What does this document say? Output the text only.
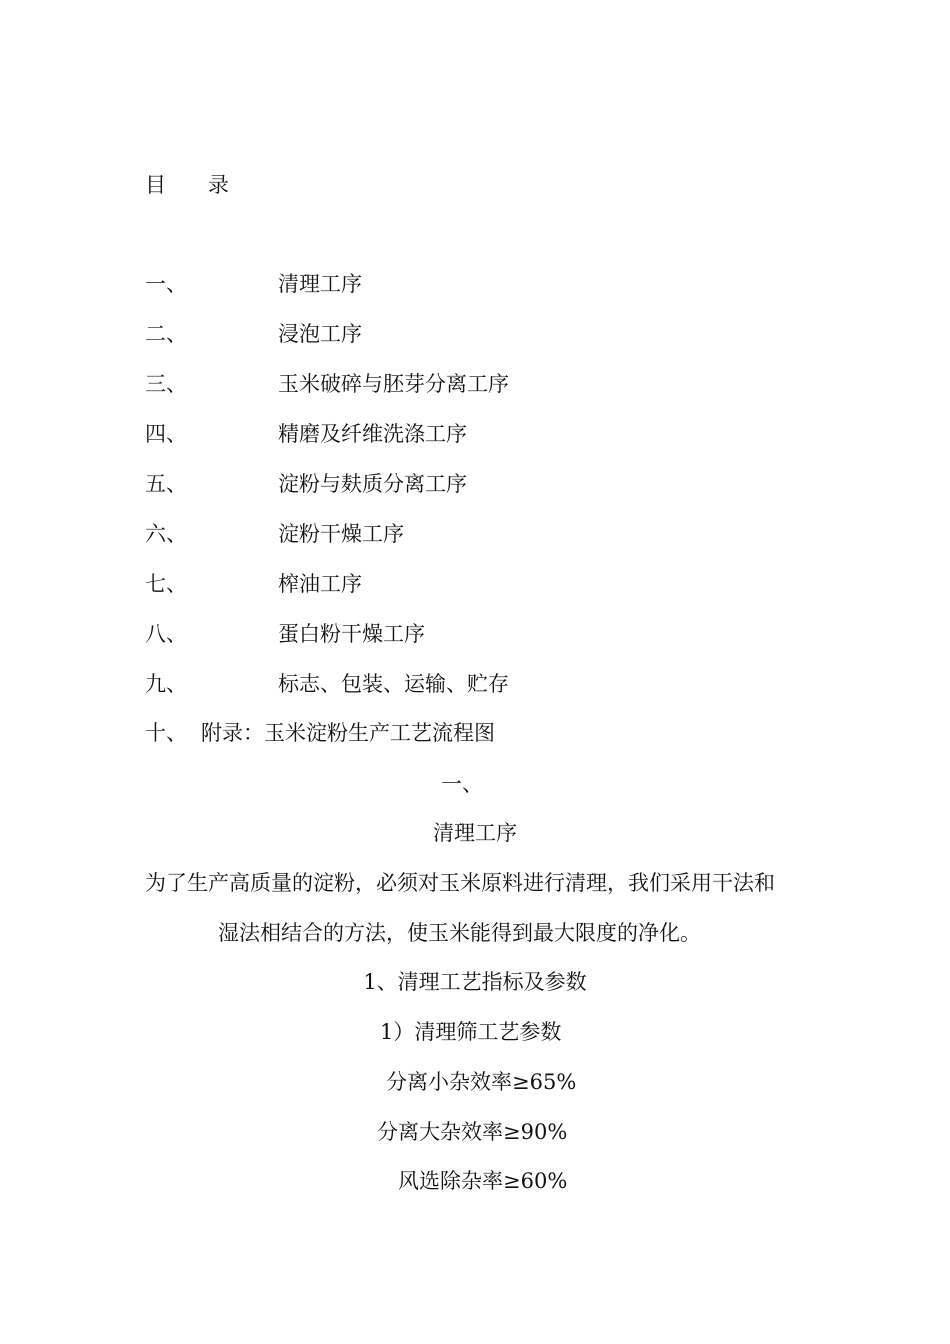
目　　录
一、	清理工序
二、	浸泡工序
三、	玉米破碎与胚芽分离工序
四、	精磨及纤维洗涤工序
五、	淀粉与麸质分离工序
六、	淀粉干燥工序
七、	榨油工序
八、	蛋白粉干燥工序
九、	标志、包装、运输、贮存
十、 附录：玉米淀粉生产工艺流程图
一、
清理工序
为了生产高质量的淀粉，必须对玉米原料进行清理，我们采用干法和
湿法相结合的方法，使玉米能得到最大限度的净化。
1、清理工艺指标及参数
1）清理筛工艺参数
分离小杂效率≥65%
分离大杂效率≥90%
风选除杂率≥60%
